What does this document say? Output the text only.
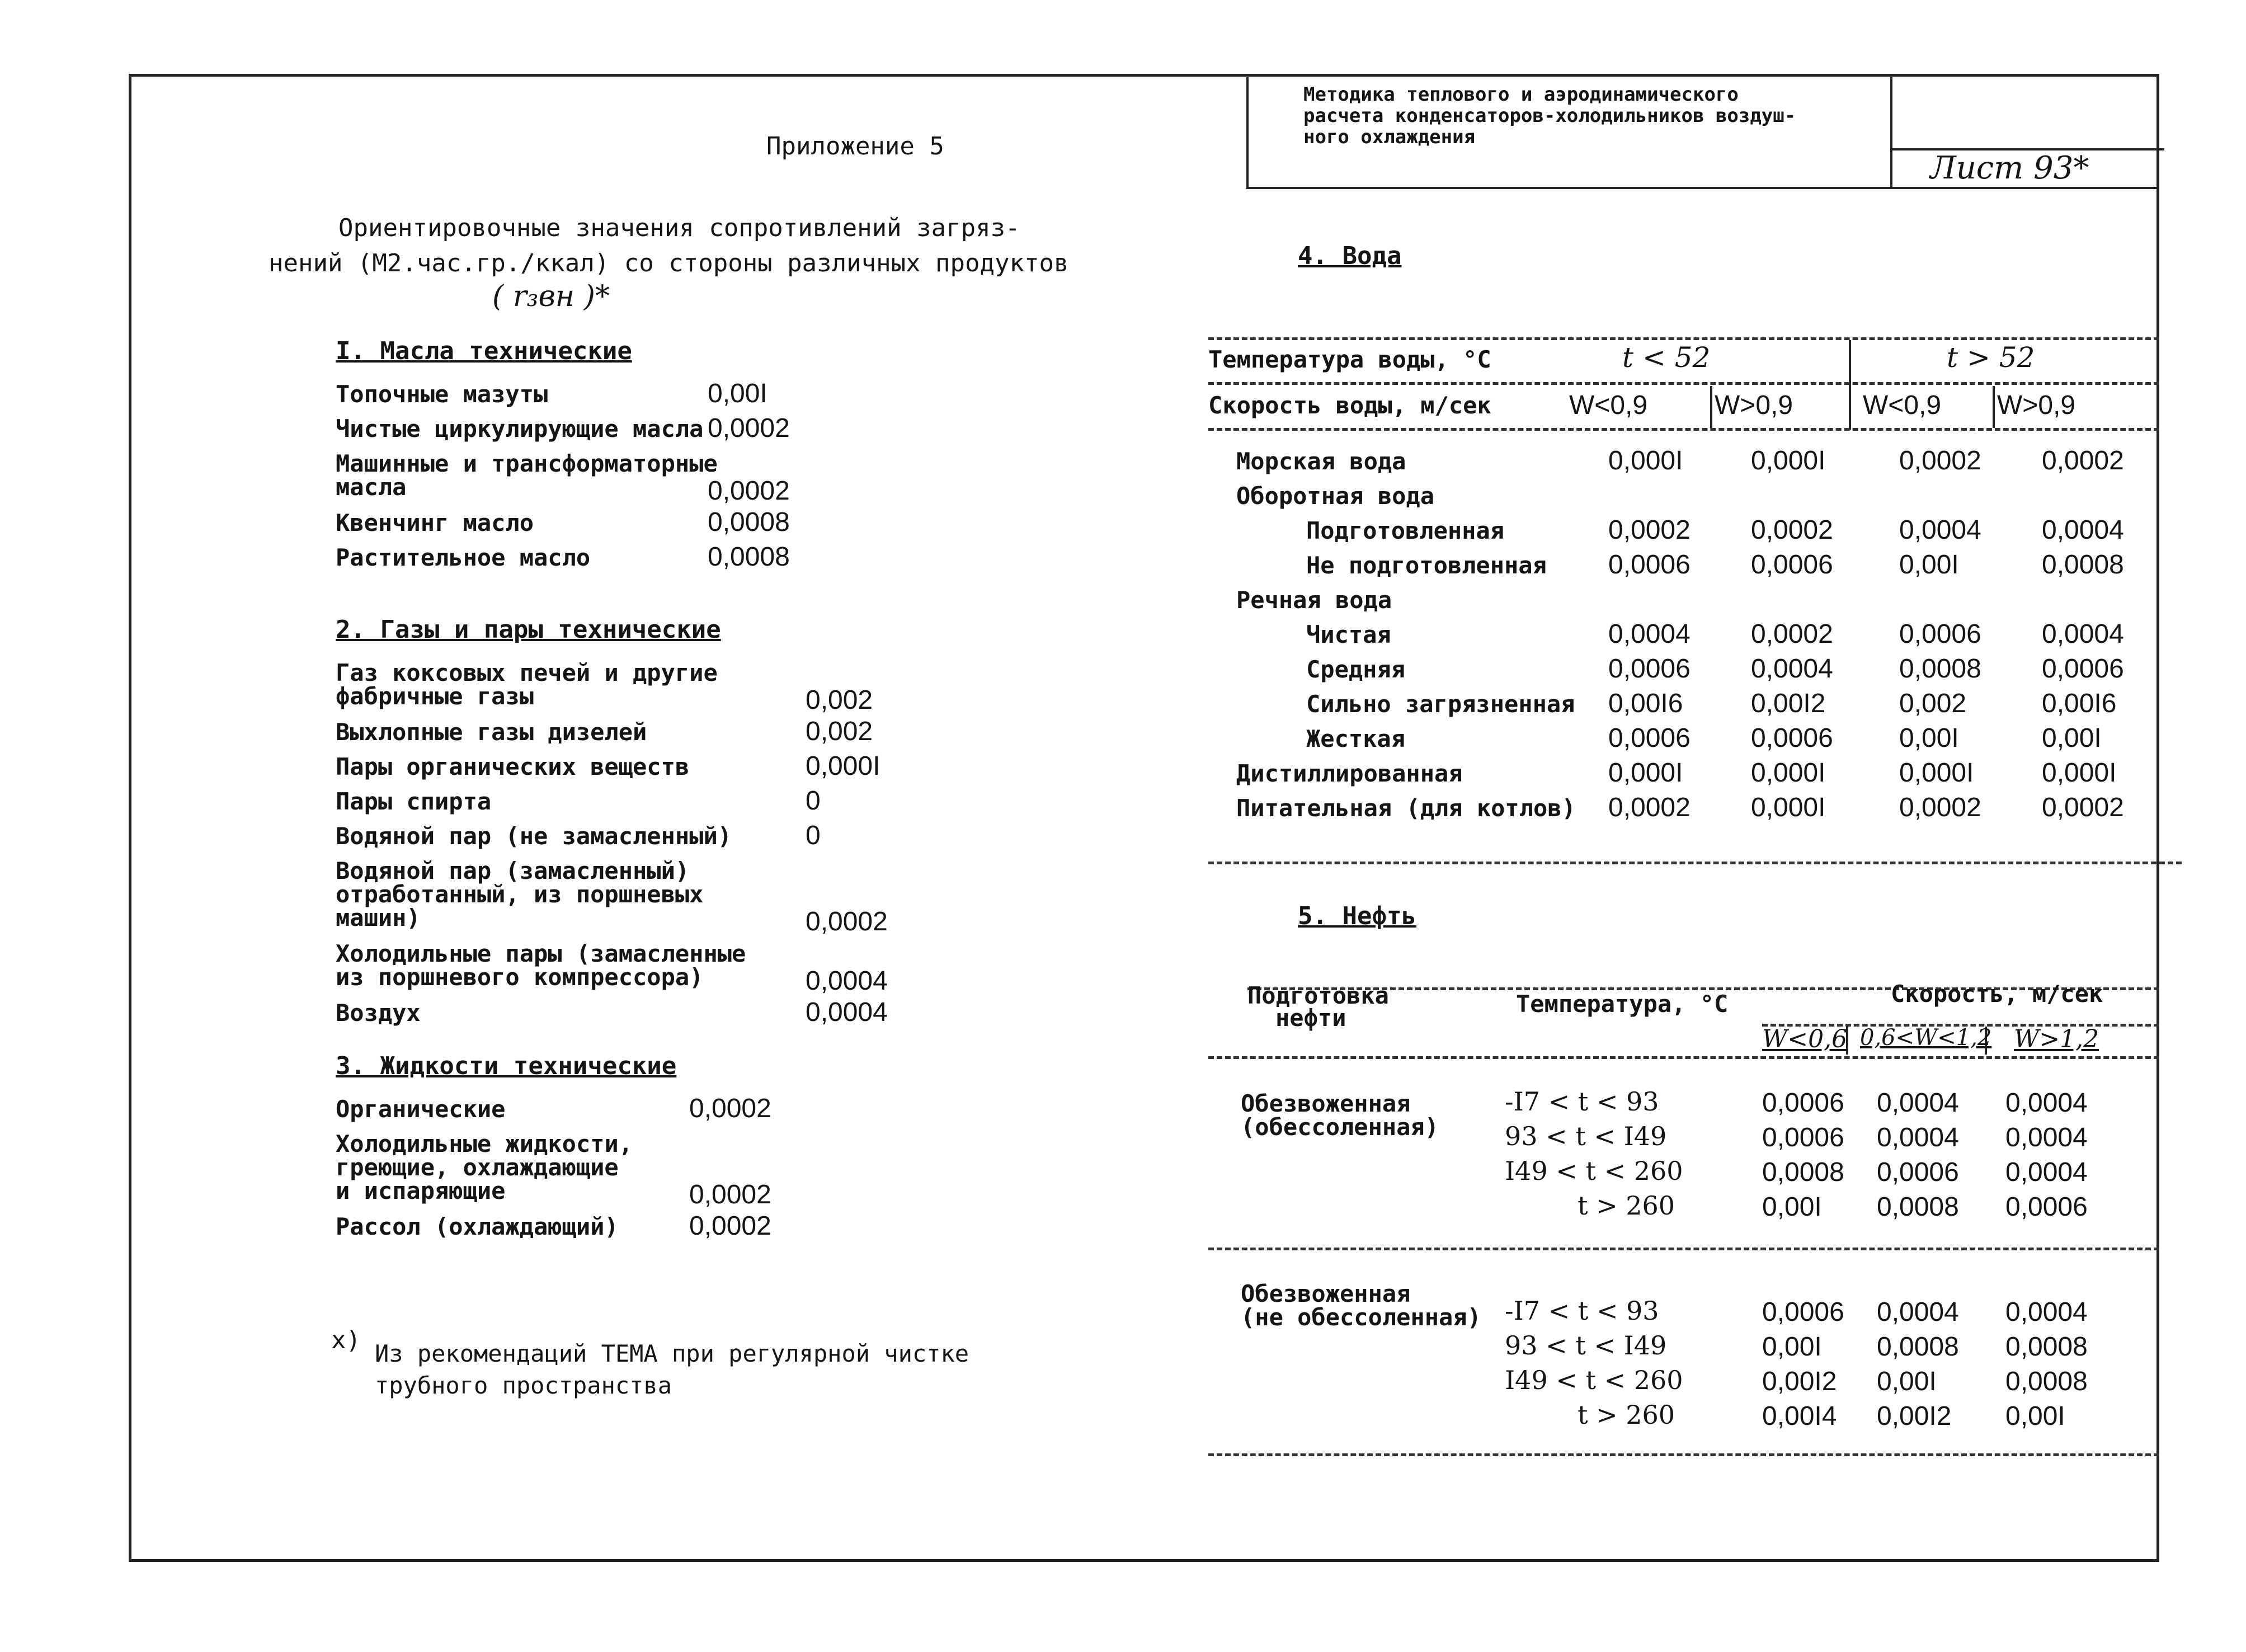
Методика теплового и аэродинамического
расчета конденсаторов-холодильников воздуш-
ного охлаждения
Лист 93*
Приложение 5
Ориентировочные значения сопротивлений загряз-
нений (М2.час.гр./ккал) со стороны различных продуктов
( r₃вн )*
I. Масла технические
Топочные мазуты	0,00I
Чистые циркулирующие масла 0,0002
Машинные и трансформаторные
масла	0,0002
Квенчинг масло	0,0008
Растительное масло	0,0008
2. Газы и пары технические
Газ коксовых печей и другие
фабричные газы	0,002
Выхлопные газы дизелей	0,002
Пары органических веществ	0,000I
Пары спирта	0
Водяной пар (не замасленный)	0
Водяной пар (замасленный)
отработанный, из поршневых
машин)	0,0002
Холодильные пары (замасленные
из поршневого компрессора)	0,0004
Воздух	0,0004
3. Жидкости технические
Органические	0,0002
Холодильные жидкости,
греющие, охлаждающие
и испаряющие	0,0002
Рассол (охлаждающий)	0,0002
x) Из рекомендаций ТЕМА при регулярной чистке
трубного пространства
4. Вода
Температура воды, °С	t < 52	t > 52
Скорость воды, м/сек	W<0,9 W>0,9	W<0,9 W>0,9
Морская вода	0,000I	0,000I	0,0002 0,0002
Оборотная вода
Подготовленная	0,0002 0,0002 0,0004 0,0004
Не подготовленная 0,0006 0,0006 0,00I	0,0008
Речная вода
Чистая	0,0004 0,0002 0,0006 0,0004
Средняя	0,0006 0,0004 0,0008 0,0006
Сильно загрязненная 0,00I6	0,00I2	0,002	0,00I6
Жесткая	0,0006 0,0006 0,00I	0,00I
Дистиллированная	0,000I	0,000I	0,000I	0,000I
Питательная (для котлов) 0,0002 0,000I	0,0002 0,0002
5. Нефть
Подготовка
нефти
Температура, °С	Скорость, м/сек
W<0,6 0,6<W<1,2 W>1,2
Обезвоженная
(обессоленная)
-I7 < t < 93	0,0006 0,0004 0,0004
93 < t < I49	0,0006 0,0004 0,0004
I49 < t < 260	0,0008 0,0006 0,0004
t > 260	0,00I 0,0008 0,0006
Обезвоженная
(не обессоленная) -I7 < t < 93	0,0006 0,0004 0,0004
93 < t < I49	0,00I 0,0008 0,0008
I49 < t < 260	0,00I2 0,00I	0,0008
t > 260	0,00I4 0,00I2 0,00I
